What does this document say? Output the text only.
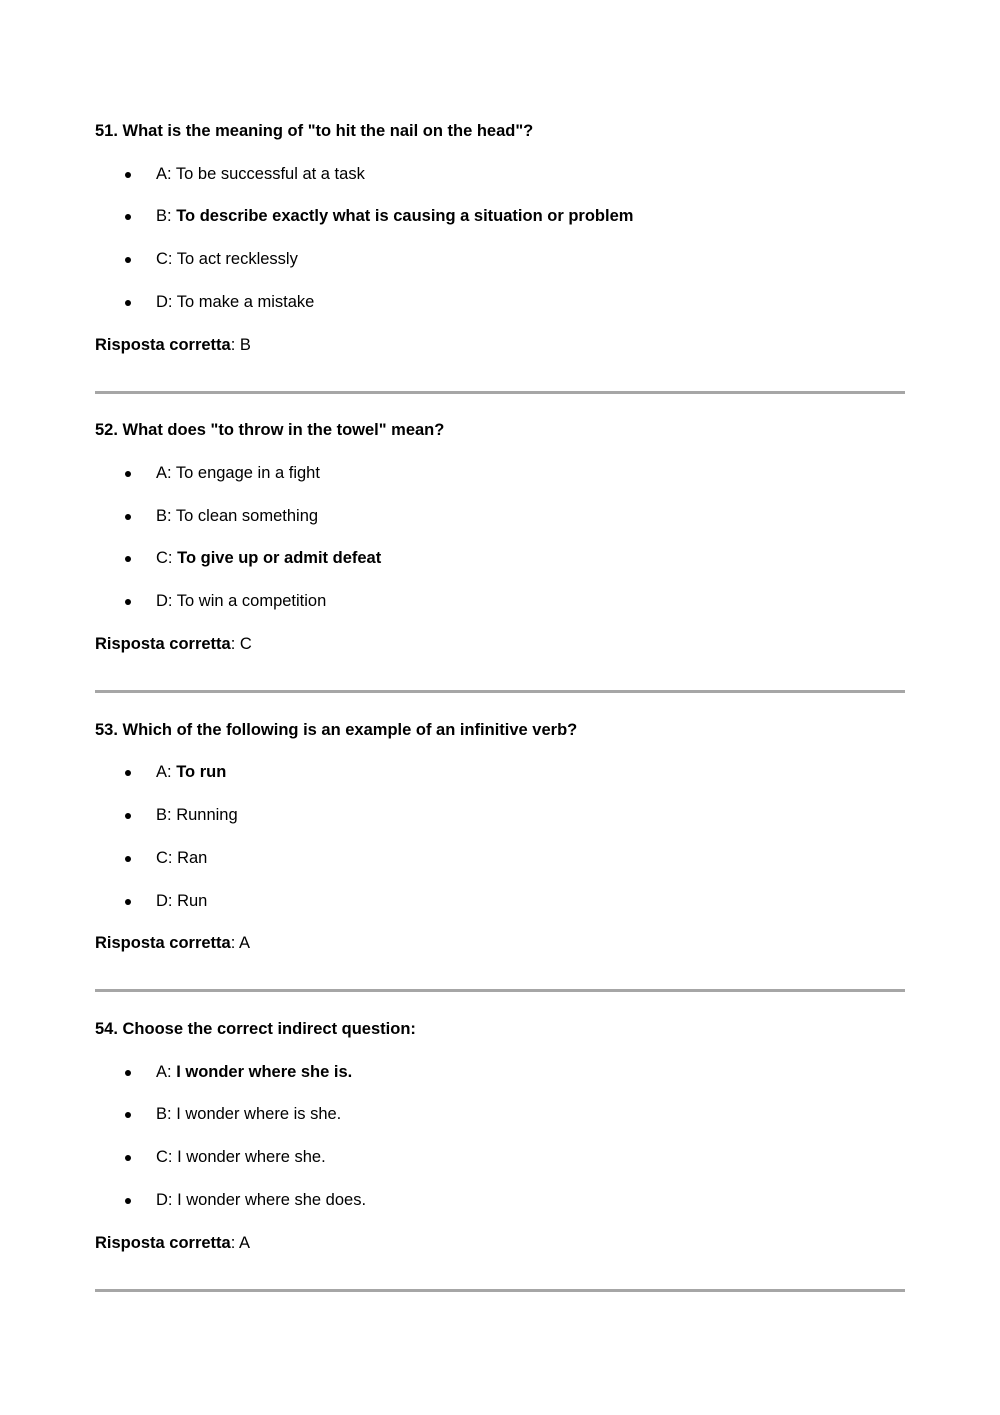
51. What is the meaning of "to hit the nail on the head"?
A: To be successful at a task
B: To describe exactly what is causing a situation or problem
C: To act recklessly
D: To make a mistake
Risposta corretta: B
52. What does "to throw in the towel" mean?
A: To engage in a fight
B: To clean something
C: To give up or admit defeat
D: To win a competition
Risposta corretta: C
53. Which of the following is an example of an infinitive verb?
A: To run
B: Running
C: Ran
D: Run
Risposta corretta: A
54. Choose the correct indirect question:
A: I wonder where she is.
B: I wonder where is she.
C: I wonder where she.
D: I wonder where she does.
Risposta corretta: A
